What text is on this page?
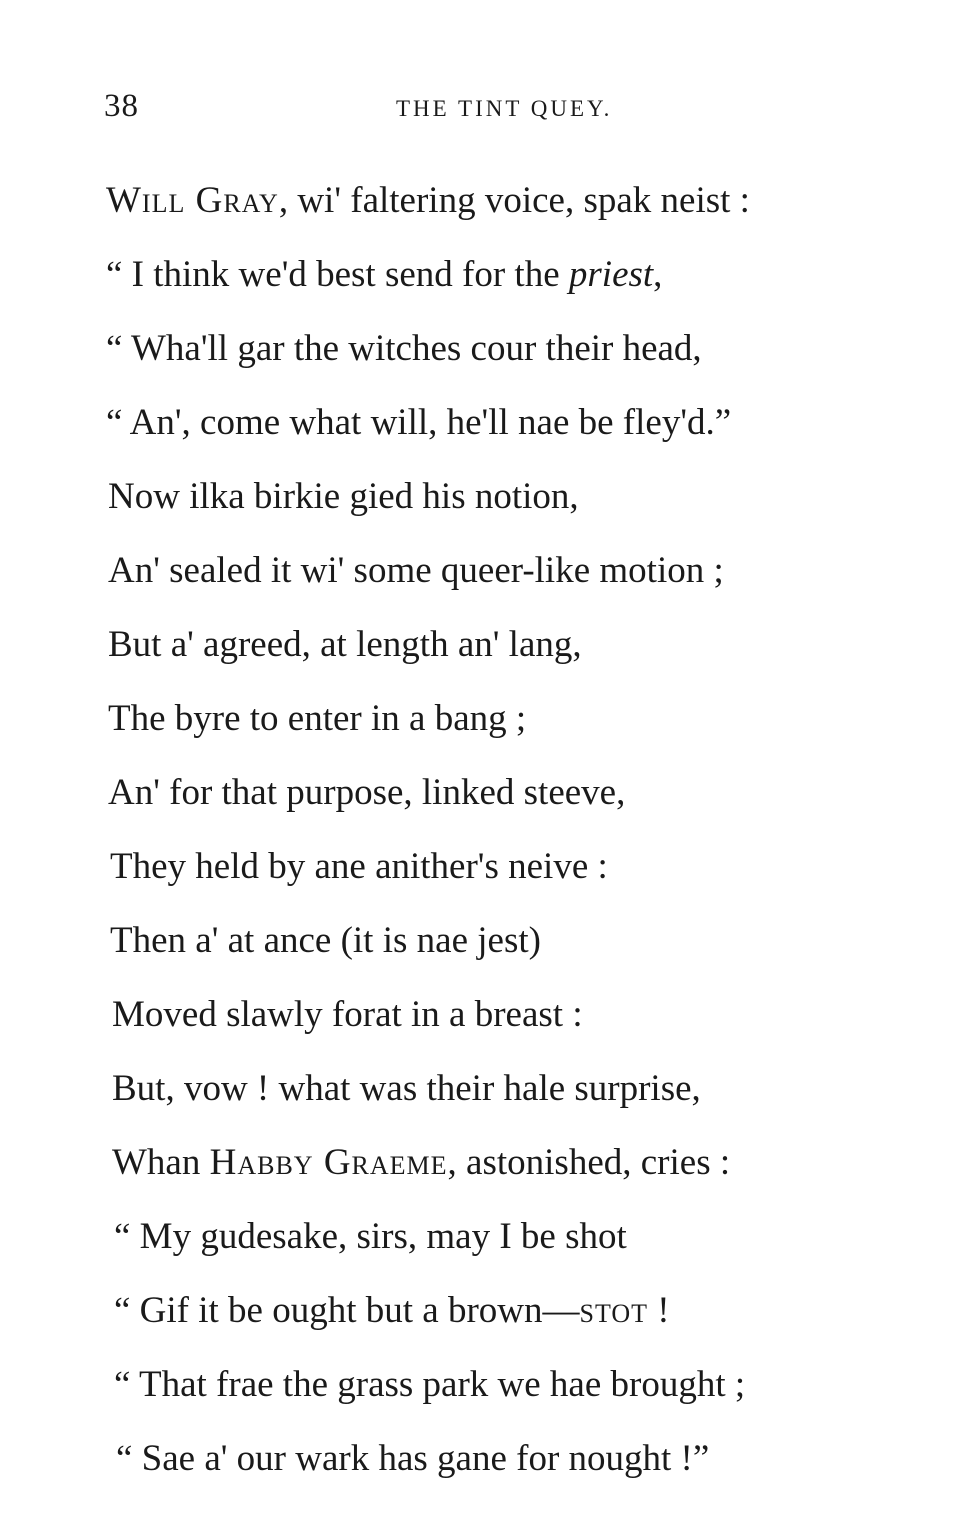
38	THE TINT QUEY.
Will Gray, wi' faltering voice, spak neist :
“ I think we'd best send for the priest,
“ Wha'll gar the witches cour their head,
“ An', come what will, he'll nae be fley'd.”
Now ilka birkie gied his notion,
An' sealed it wi' some queer-like motion ;
But a' agreed, at length an' lang,
The byre to enter in a bang ;
An' for that purpose, linked steeve,
They held by ane anither's neive :
Then a' at ance (it is nae jest)
Moved slawly forat in a breast :
But, vow ! what was their hale surprise,
Whan Habby Graeme, astonished, cries :
“ My gudesake, sirs, may I be shot
“ Gif it be ought but a brown—stot !
“ That frae the grass park we hae brought ;
“ Sae a' our wark has gane for nought !”
